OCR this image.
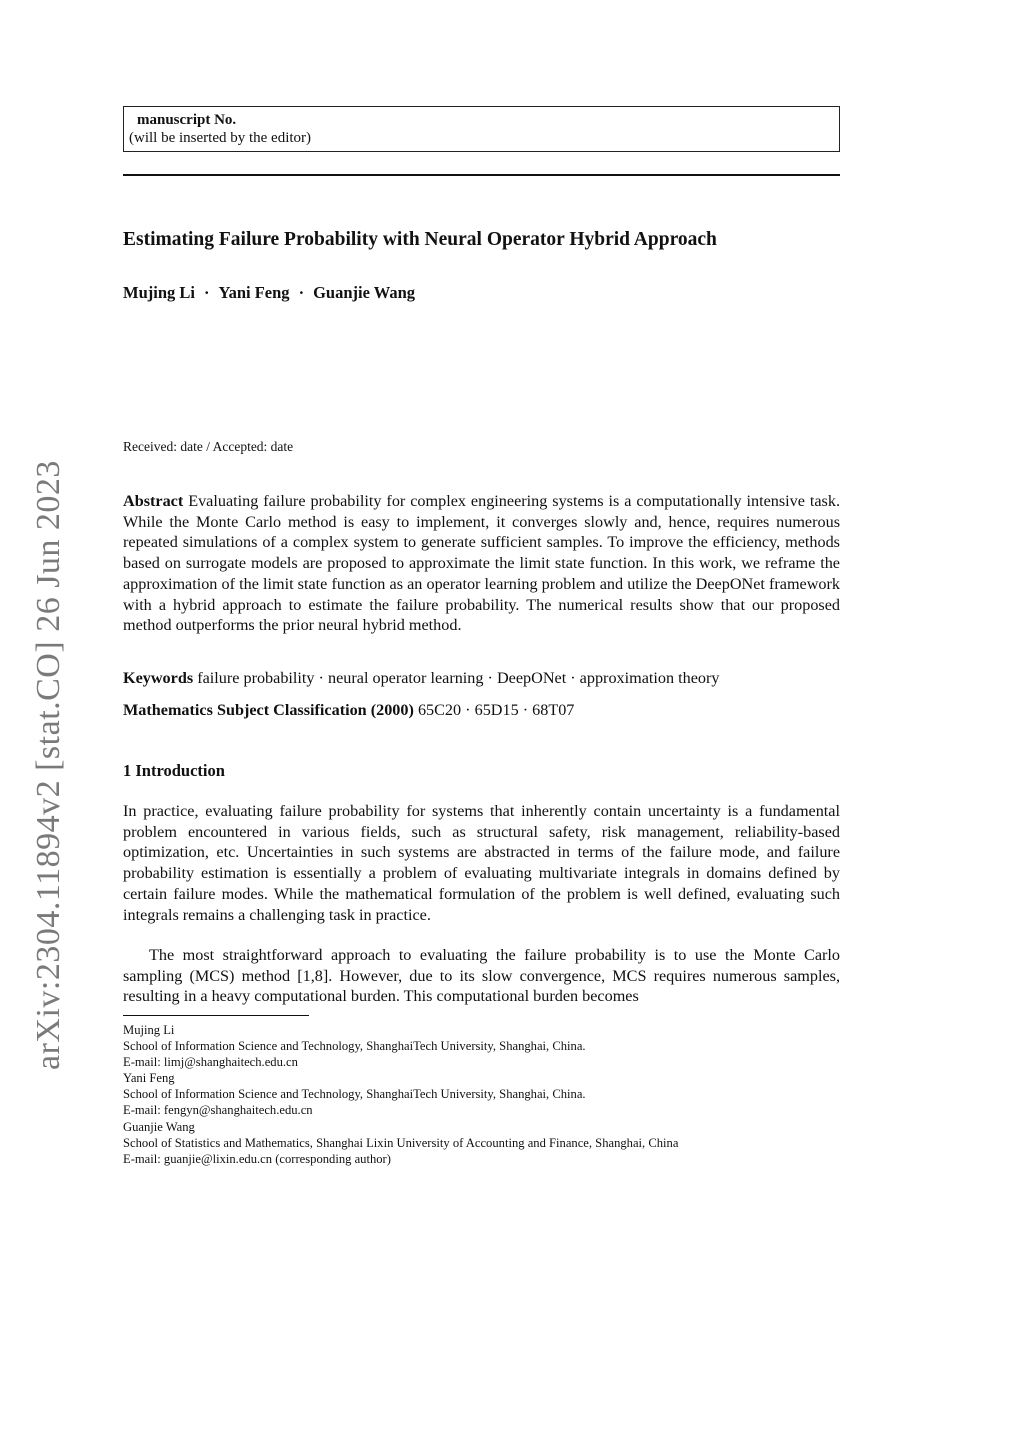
arXiv:2304.11894v2 [stat.CO] 26 Jun 2023
manuscript No.
(will be inserted by the editor)
Estimating Failure Probability with Neural Operator Hybrid Approach
Mujing Li · Yani Feng · Guanjie Wang
Received: date / Accepted: date
Abstract Evaluating failure probability for complex engineering systems is a computationally intensive task. While the Monte Carlo method is easy to implement, it converges slowly and, hence, requires numerous repeated simulations of a complex system to generate sufficient samples. To improve the efficiency, methods based on surrogate models are proposed to approximate the limit state function. In this work, we reframe the approximation of the limit state function as an operator learning problem and utilize the DeepONet framework with a hybrid approach to estimate the failure probability. The numerical results show that our proposed method outperforms the prior neural hybrid method.
Keywords failure probability · neural operator learning · DeepONet · approximation theory
Mathematics Subject Classification (2000) 65C20 · 65D15 · 68T07
1 Introduction
In practice, evaluating failure probability for systems that inherently contain uncertainty is a fundamental problem encountered in various fields, such as structural safety, risk management, reliability-based optimization, etc. Uncertainties in such systems are abstracted in terms of the failure mode, and failure probability estimation is essentially a problem of evaluating multivariate integrals in domains defined by certain failure modes. While the mathematical formulation of the problem is well defined, evaluating such integrals remains a challenging task in practice.
The most straightforward approach to evaluating the failure probability is to use the Monte Carlo sampling (MCS) method [1,8]. However, due to its slow convergence, MCS requires numerous samples, resulting in a heavy computational burden. This computational burden becomes
Mujing Li
School of Information Science and Technology, ShanghaiTech University, Shanghai, China.
E-mail: limj@shanghaitech.edu.cn
Yani Feng
School of Information Science and Technology, ShanghaiTech University, Shanghai, China.
E-mail: fengyn@shanghaitech.edu.cn
Guanjie Wang
School of Statistics and Mathematics, Shanghai Lixin University of Accounting and Finance, Shanghai, China
E-mail: guanjie@lixin.edu.cn (corresponding author)
